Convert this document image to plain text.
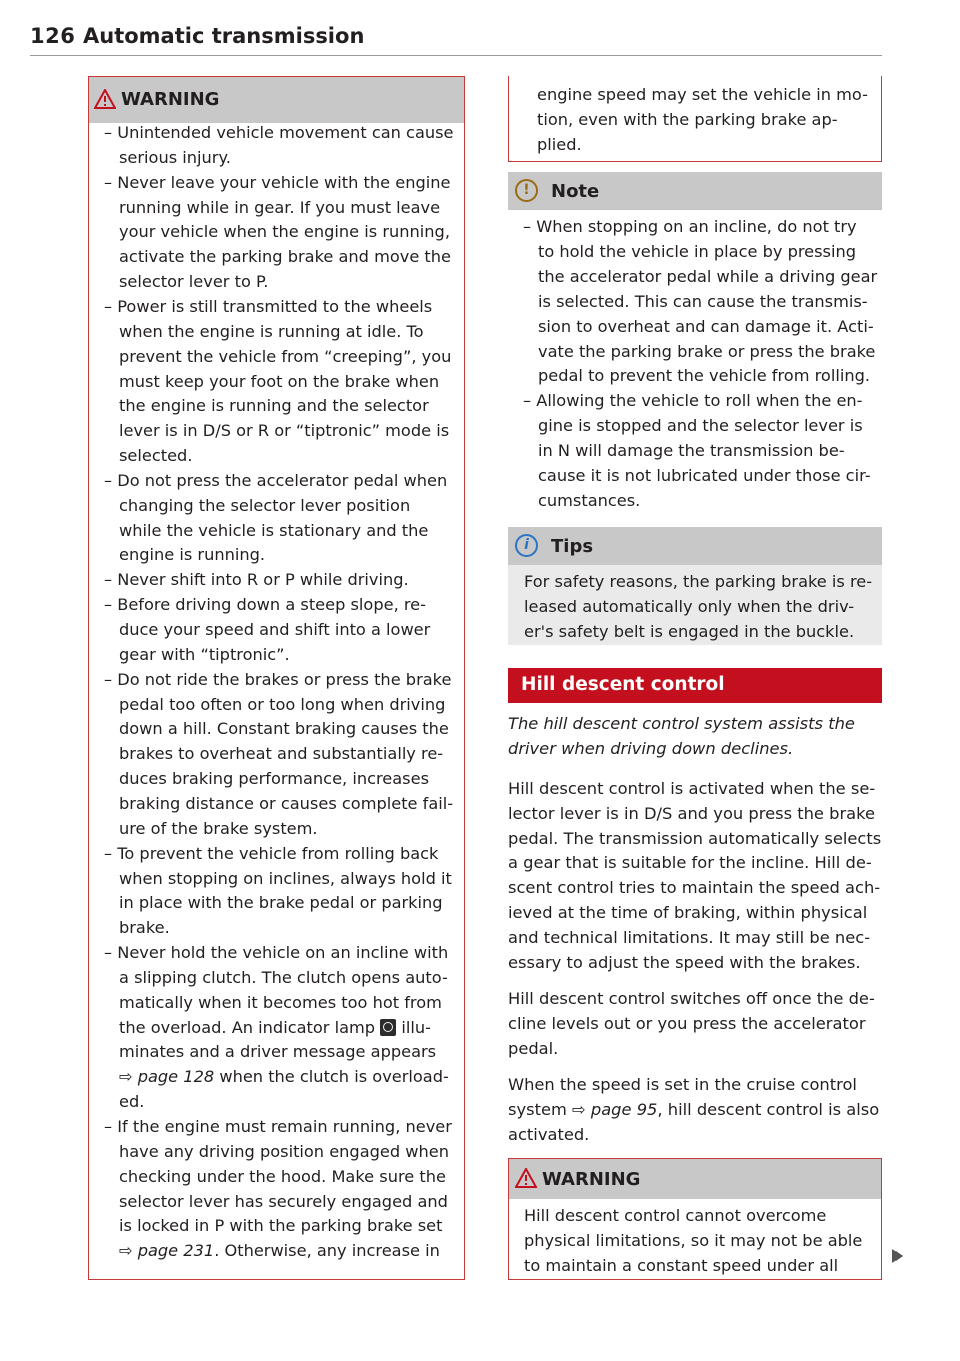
126 Automatic transmission
WARNING
– Unintended vehicle movement can cause
serious injury.
– Never leave your vehicle with the engine
running while in gear. If you must leave
your vehicle when the engine is running,
activate the parking brake and move the
selector lever to P.
– Power is still transmitted to the wheels
when the engine is running at idle. To
prevent the vehicle from “creeping”, you
must keep your foot on the brake when
the engine is running and the selector
lever is in D/S or R or “tiptronic” mode is
selected.
– Do not press the accelerator pedal when
changing the selector lever position
while the vehicle is stationary and the
engine is running.
– Never shift into R or P while driving.
– Before driving down a steep slope, re-
duce your speed and shift into a lower
gear with “tiptronic”.
– Do not ride the brakes or press the brake
pedal too often or too long when driving
down a hill. Constant braking causes the
brakes to overheat and substantially re-
duces braking performance, increases
braking distance or causes complete fail-
ure of the brake system.
– To prevent the vehicle from rolling back
when stopping on inclines, always hold it
in place with the brake pedal or parking
brake.
– Never hold the vehicle on an incline with
a slipping clutch. The clutch opens auto-
matically when it becomes too hot from
the overload. An indicator lamp illu-
minates and a driver message appears
⇨ page 128 when the clutch is overload-
ed.
– If the engine must remain running, never
have any driving position engaged when
checking under the hood. Make sure the
selector lever has securely engaged and
is locked in P with the parking brake set
⇨ page 231. Otherwise, any increase in
engine speed may set the vehicle in mo-
tion, even with the parking brake ap-
plied.
!	Note
– When stopping on an incline, do not try
to hold the vehicle in place by pressing
the accelerator pedal while a driving gear
is selected. This can cause the transmis-
sion to overheat and can damage it. Acti-
vate the parking brake or press the brake
pedal to prevent the vehicle from rolling.
– Allowing the vehicle to roll when the en-
gine is stopped and the selector lever is
in N will damage the transmission be-
cause it is not lubricated under those cir-
cumstances.
i	Tips
For safety reasons, the parking brake is re-
leased automatically only when the driv-
er's safety belt is engaged in the buckle.
Hill descent control
The hill descent control system assists the
driver when driving down declines.
Hill descent control is activated when the se-
lector lever is in D/S and you press the brake
pedal. The transmission automatically selects
a gear that is suitable for the incline. Hill de-
scent control tries to maintain the speed ach-
ieved at the time of braking, within physical
and technical limitations. It may still be nec-
essary to adjust the speed with the brakes.
Hill descent control switches off once the de-
cline levels out or you press the accelerator
pedal.
When the speed is set in the cruise control
system ⇨ page 95, hill descent control is also
activated.
WARNING
Hill descent control cannot overcome
physical limitations, so it may not be able
to maintain a constant speed under all
